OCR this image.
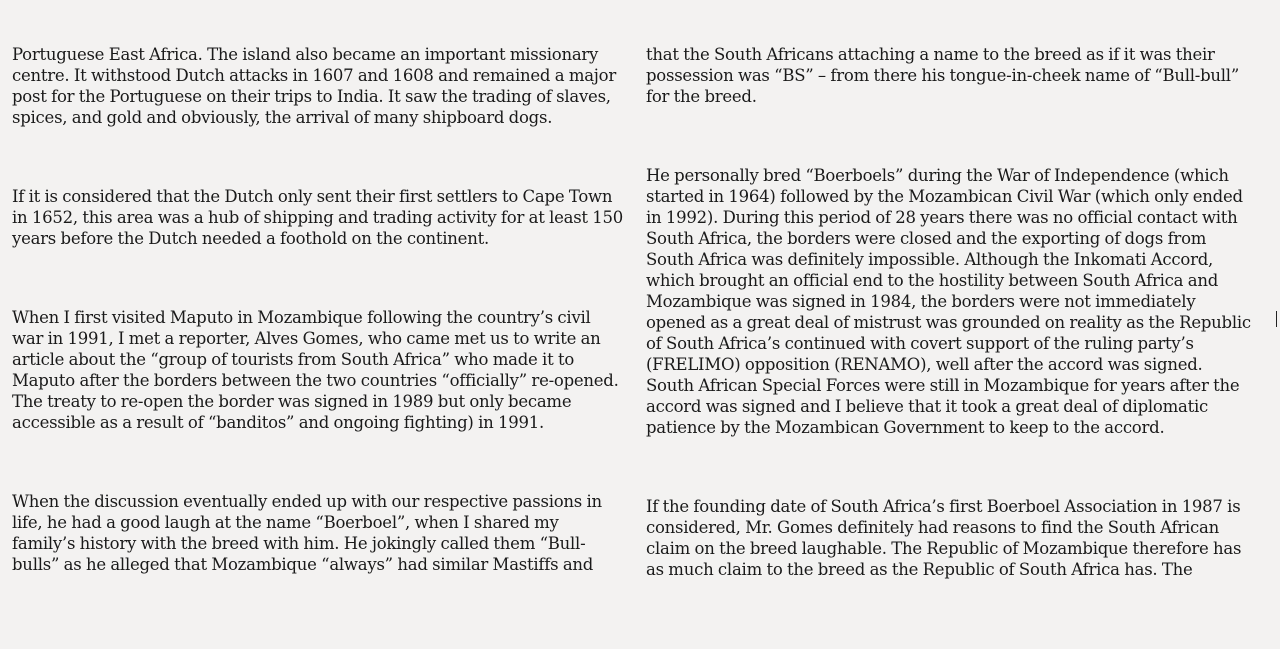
Portuguese East Africa. The island also became an important missionary centre. It withstood Dutch attacks in 1607 and 1608 and remained a major post for the Portuguese on their trips to India. It saw the trading of slaves, spices, and gold and obviously, the arrival of many shipboard dogs.

If it is considered that the Dutch only sent their first settlers to Cape Town in 1652, this area was a hub of shipping and trading activity for at least 150 years before the Dutch needed a foothold on the continent.

When I first visited Maputo in Mozambique following the country’s civil war in 1991, I met a reporter, Alves Gomes, who came met us to write an article about the “group of tourists from South Africa” who made it to Maputo after the borders between the two countries “officially” re-opened. The treaty to re-open the border was signed in 1989 but only became accessible as a result of “banditos” and ongoing fighting) in 1991.

When the discussion eventually ended up with our respective passions in life, he had a good laugh at the name “Boerboel”, when I shared my family’s history with the breed with him. He jokingly called them “Bull-bulls” as he alleged that Mozambique “always” had similar Mastiffs and

that the South Africans attaching a name to the breed as if it was their possession was “BS” – from there his tongue-in-cheek name of “Bull-bull” for the breed.

He personally bred “Boerboels” during the War of Independence (which started in 1964) followed by the Mozambican Civil War (which only ended in 1992). During this period of 28 years there was no official contact with South Africa, the borders were closed and the exporting of dogs from South Africa was definitely impossible. Although the Inkomati Accord, which brought an official end to the hostility between South Africa and Mozambique was signed in 1984, the borders were not immediately opened as a great deal of mistrust was grounded on reality as the Republic of South Africa’s continued with covert support of the ruling party’s (FRELIMO) opposition (RENAMO), well after the accord was signed. South African Special Forces were still in Mozambique for years after the accord was signed and I believe that it took a great deal of diplomatic patience by the Mozambican Government to keep to the accord.

If the founding date of South Africa’s first Boerboel Association in 1987 is considered, Mr. Gomes definitely had reasons to find the South African claim on the breed laughable. The Republic of Mozambique therefore has as much claim to the breed as the Republic of South Africa has. The
